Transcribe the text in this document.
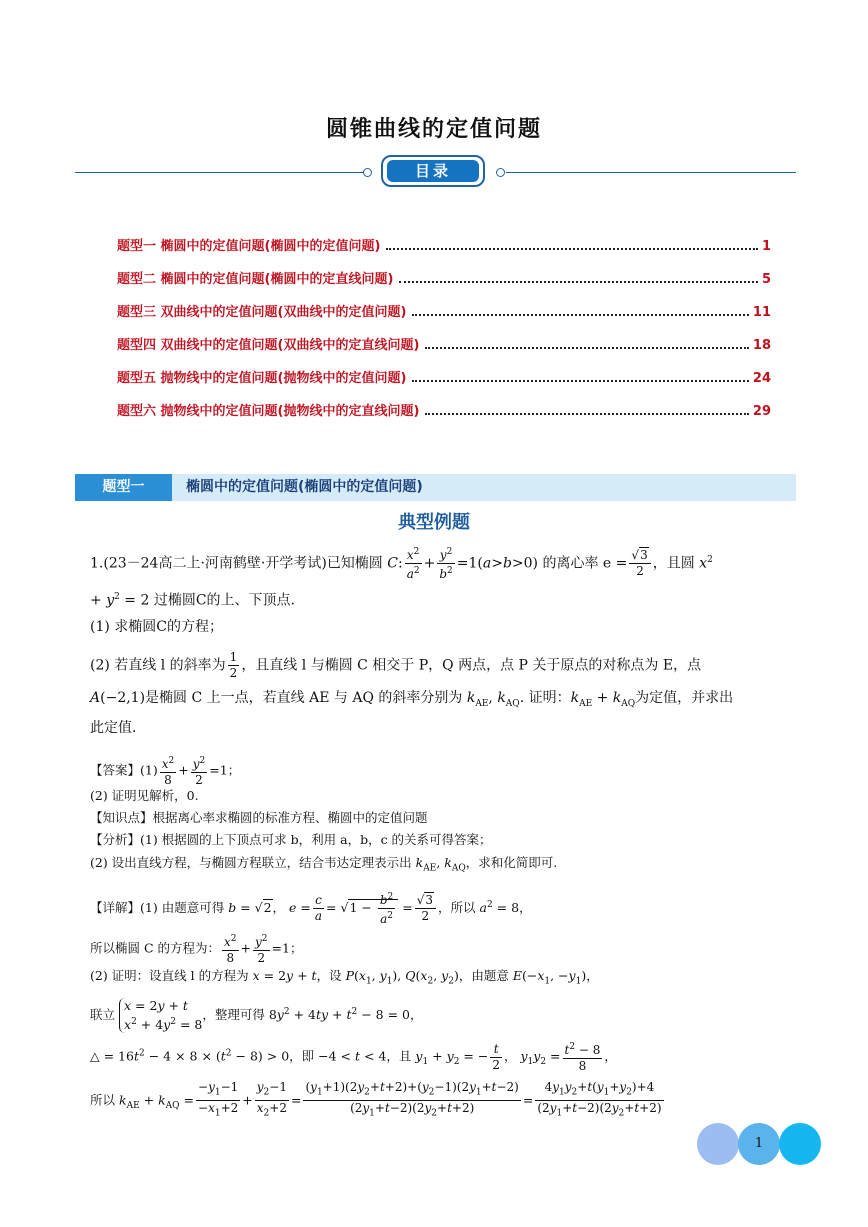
圆锥曲线的定值问题
目录
题型一 椭圆中的定值问题(椭圆中的定值问题)	1
题型二 椭圆中的定值问题(椭圆中的定直线问题)	5
题型三 双曲线中的定值问题(双曲线中的定值问题)	11
题型四 双曲线中的定值问题(双曲线中的定直线问题)	18
题型五 抛物线中的定值问题(抛物线中的定值问题)	24
题型六 抛物线中的定值问题(抛物线中的定直线问题)	29
题型一	椭圆中的定值问题(椭圆中的定值问题)
典型例题
1.(23－24高二上·河南鹤壁·开学考试)已知椭圆 C: $\frac{x^2}{a^2} + \frac{y^2}{b^2} =1(a>b>0)$ 的离心率 $e = \frac{√3}{2}$ ，且圆 $x^2$
+ $y^2 = 2$ 过椭圆C的上、下顶点.
(1) 求椭圆C的方程；
(2) 若直线 l 的斜率为 $\frac{1}{2}$ ，且直线 l 与椭圆 C 相交于 P，Q 两点，点 P 关于原点的对称点为 E，点
A(−2,1)是椭圆 C 上一点，若直线 AE 与 AQ 的斜率分别为 $k_{AE}$, $k_{AQ}$. 证明：$k_{AE} + k_{AQ}$为定值，并求出
此定值.
【答案】$(1) \frac{x^2}{8} + \frac{y^2}{2} =1$；
(2) 证明见解析，0.
【知识点】根据离心率求椭圆的标准方程、椭圆中的定值问题
【分析】(1) 根据圆的上下顶点可求 b，利用 a，b，c 的关系可得答案；
(2) 设出直线方程，与椭圆方程联立，结合韦达定理表示出 $k_{AE}$, $k_{AQ}$，求和化简即可.
【详解】(1) 由题意可得 b = √2， $e = \frac{c}{a} = √1 - \frac{b^2}{a^2} = \frac{√3}{2}$ ，所以 $a^2 = 8$，
所以椭圆 C 的方程为： $\frac{x^2}{8} + \frac{y^2}{2} =1$；
(2) 证明：设直线 l 的方程为 x = 2y + t，设 $P(x_1$, $y_1$), $Q(x_2$, $y_2$)，由题意 $E(-x_1$, $-y_1$)，
联立 x = 2y + t
$x^2 + 4y^2 = 8$，整理可得 $8y^2 + 4ty + t^2 - 8 = 0$，
△ = $16t^2 - 4 \times 8 \times (t^2 - 8) > 0$，即 −4 < t < 4，且 $y_1 + y_2$ = − $\frac{t}{2}$ ， $y_1y_2 = \frac{t^2 - 8}{8}$ ，
所以 $k_{AE} + k_{AQ} = \frac{-y_1-1}{-x_1+2} + \frac{y_2-1}{x_2+2} = \frac{(y_1+1)(2y_2+t+2)+(y_2-1)(2y_1+t-2)}{(2y_1+t-2)(2y_2+t+2)} = \frac{4y_1y_2+t(y_1+y_2)+4}{(2y_1+t-2)(2y_2+t+2)}$
1
